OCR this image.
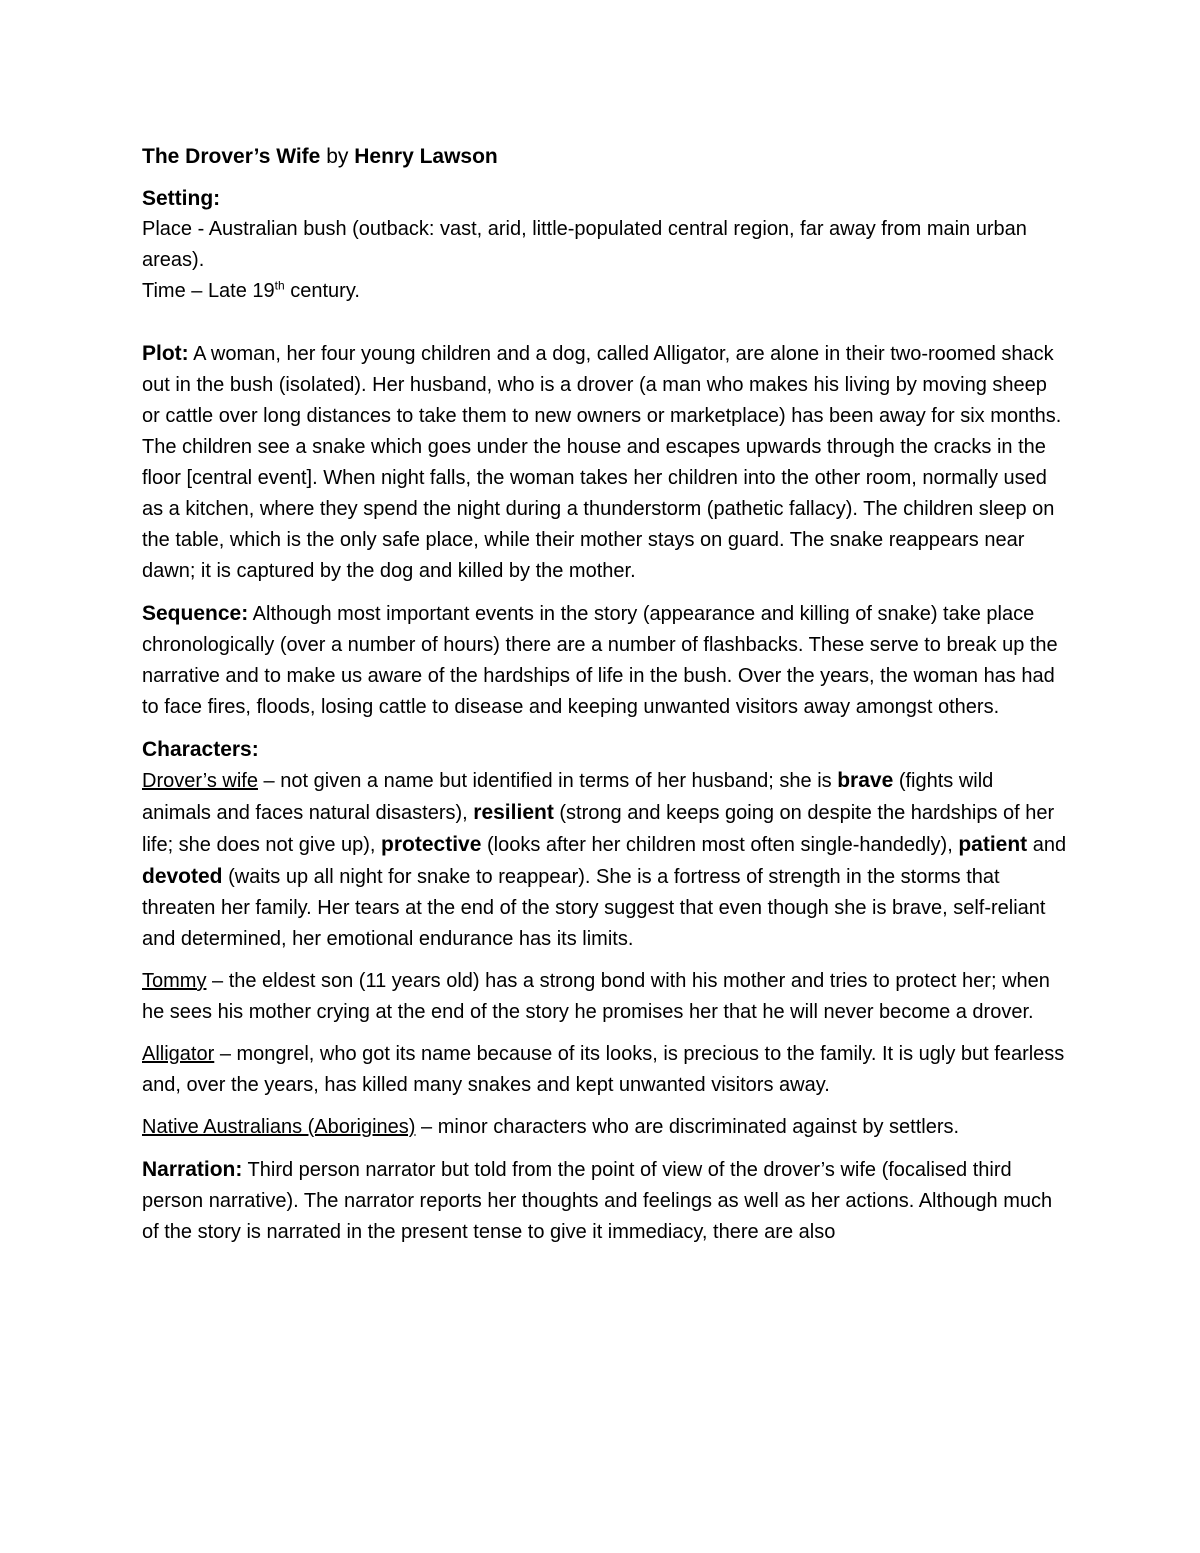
The Drover’s Wife by Henry Lawson

Setting:

Place - Australian bush (outback: vast, arid, little-populated central region, far away from main urban areas).

Time – Late 19th century.

Plot: A woman, her four young children and a dog, called Alligator, are alone in their two-roomed shack out in the bush (isolated). Her husband, who is a drover (a man who makes his living by moving sheep or cattle over long distances to take them to new owners or marketplace) has been away for six months. The children see a snake which goes under the house and escapes upwards through the cracks in the floor [central event]. When night falls, the woman takes her children into the other room, normally used as a kitchen, where they spend the night during a thunderstorm (pathetic fallacy). The children sleep on the table, which is the only safe place, while their mother stays on guard. The snake reappears near dawn; it is captured by the dog and killed by the mother.

Sequence: Although most important events in the story (appearance and killing of snake) take place chronologically (over a number of hours) there are a number of flashbacks. These serve to break up the narrative and to make us aware of the hardships of life in the bush. Over the years, the woman has had to face fires, floods, losing cattle to disease and keeping unwanted visitors away amongst others.

Characters:

Drover’s wife – not given a name but identified in terms of her husband; she is brave (fights wild animals and faces natural disasters), resilient (strong and keeps going on despite the hardships of her life; she does not give up), protective (looks after her children most often single-handedly), patient and devoted (waits up all night for snake to reappear). She is a fortress of strength in the storms that threaten her family. Her tears at the end of the story suggest that even though she is brave, self-reliant and determined, her emotional endurance has its limits.

Tommy – the eldest son (11 years old) has a strong bond with his mother and tries to protect her; when he sees his mother crying at the end of the story he promises her that he will never become a drover.

Alligator – mongrel, who got its name because of its looks, is precious to the family. It is ugly but fearless and, over the years, has killed many snakes and kept unwanted visitors away.

Native Australians (Aborigines) – minor characters who are discriminated against by settlers.

Narration: Third person narrator but told from the point of view of the drover’s wife (focalised third person narrative). The narrator reports her thoughts and feelings as well as her actions. Although much of the story is narrated in the present tense to give it immediacy, there are also
